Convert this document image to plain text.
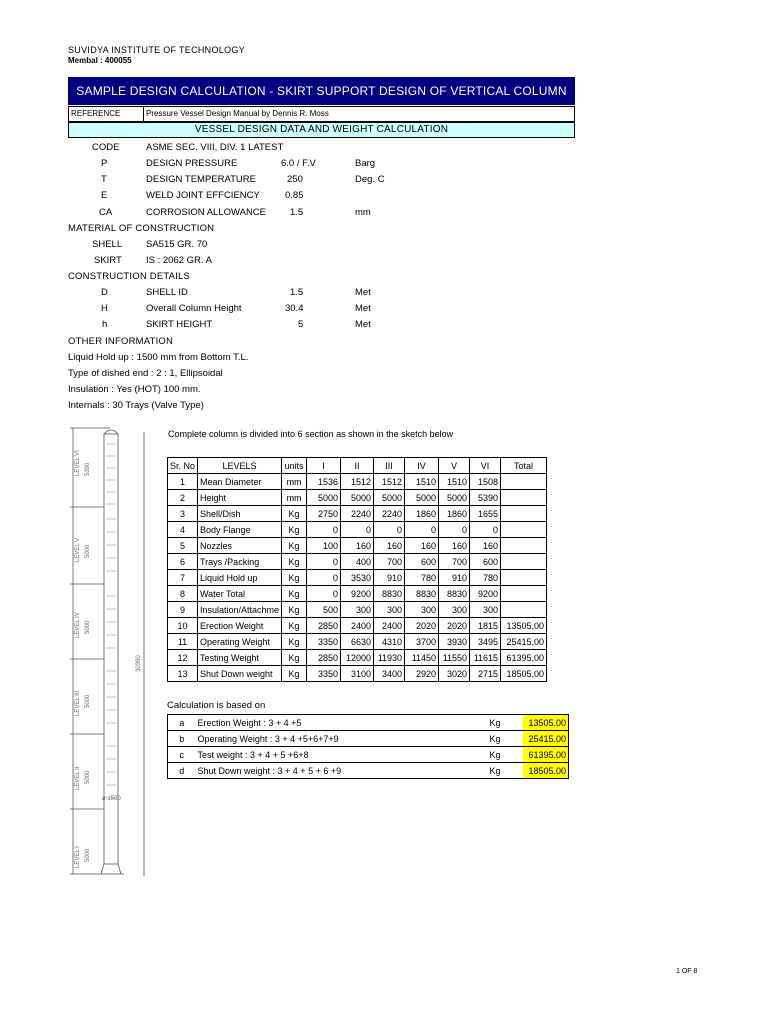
SUVIDYA INSTITUTE OF TECHNOLOGY
Membal : 400055
SAMPLE DESIGN CALCULATION - SKIRT SUPPORT DESIGN OF VERTICAL COLUMN
REFERENCE	Pressure Vessel Design Manual by Dennis R. Moss
VESSEL DESIGN DATA AND WEIGHT CALCULATION
CODE	ASME SEC. VIII, DIV. 1 LATEST
P	DESIGN PRESSURE	6.0 / F.V	Barg
T	DESIGN TEMPERATURE	250	Deg. C
E	WELD JOINT EFFCIENCY	0.85
CA	CORROSION ALLOWANCE	1.5	mm
MATERIAL OF CONSTRUCTION
SHELL	SA515 GR. 70
SKIRT	IS : 2062 GR. A
CONSTRUCTION DETAILS
D	SHELL ID	1.5	Met
H	Overall Column Height	30.4	Met
h	SKIRT HEIGHT	5	Met
OTHER INFORMATION
Liquid Hold up : 1500 mm from Bottom T.L.
Type of dished end : 2 : 1, Ellipsoidal
Insulation : Yes (HOT) 100 mm.
Internals : 30 Trays (Valve Type)
LEVEL VI 5390
LEVEL V 5000
LEVEL IV 5000
LEVEL III 5000
LEVEL II 5000
LEVEL I 5000
30390
ø 1500
Complete column is divided into 6 section as shown in the sketch below
Sr. No	LEVELS	units	I	II	III	IV	V	VI	Total
1	Mean Diameter	mm	1536	1512	1512	1510	1510	1508	
2	Height	mm	5000	5000	5000	5000	5000	5390	
3	Shell/Dish	Kg	2750	2240	2240	1860	1860	1655	
4	Body Flange	Kg	0	0	0	0	0	0	
5	Nozzles	Kg	100	160	160	160	160	160	
6	Trays /Packing	Kg	0	400	700	600	700	600	
7	Liquid Hold up	Kg	0	3530	910	780	910	780	
8	Water Total	Kg	0	9200	8830	8830	8830	9200	
9	Insulation/Attachme	Kg	500	300	300	300	300	300	
10	Erection Weight	Kg	2850	2400	2400	2020	2020	1815	13505.00
11	Operating Weight	Kg	3350	6630	4310	3700	3930	3495	25415.00
12	Testing Weight	Kg	2850	12000	11930	11450	11550	11615	61395.00
13	Shut Down weight	Kg	3350	3100	3400	2920	3020	2715	18505.00
Calculation is based on
a	Erection Weight : 3 + 4 +5	Kg	13505.00
b	Operating Weight : 3 + 4 +5+6+7+9	Kg	25415.00
c	Test weight : 3 + 4 + 5 +6+8	Kg	61395.00
d	Shut Down weight : 3 + 4 + 5 + 6 +9	Kg	18505.00
1 OF 8
